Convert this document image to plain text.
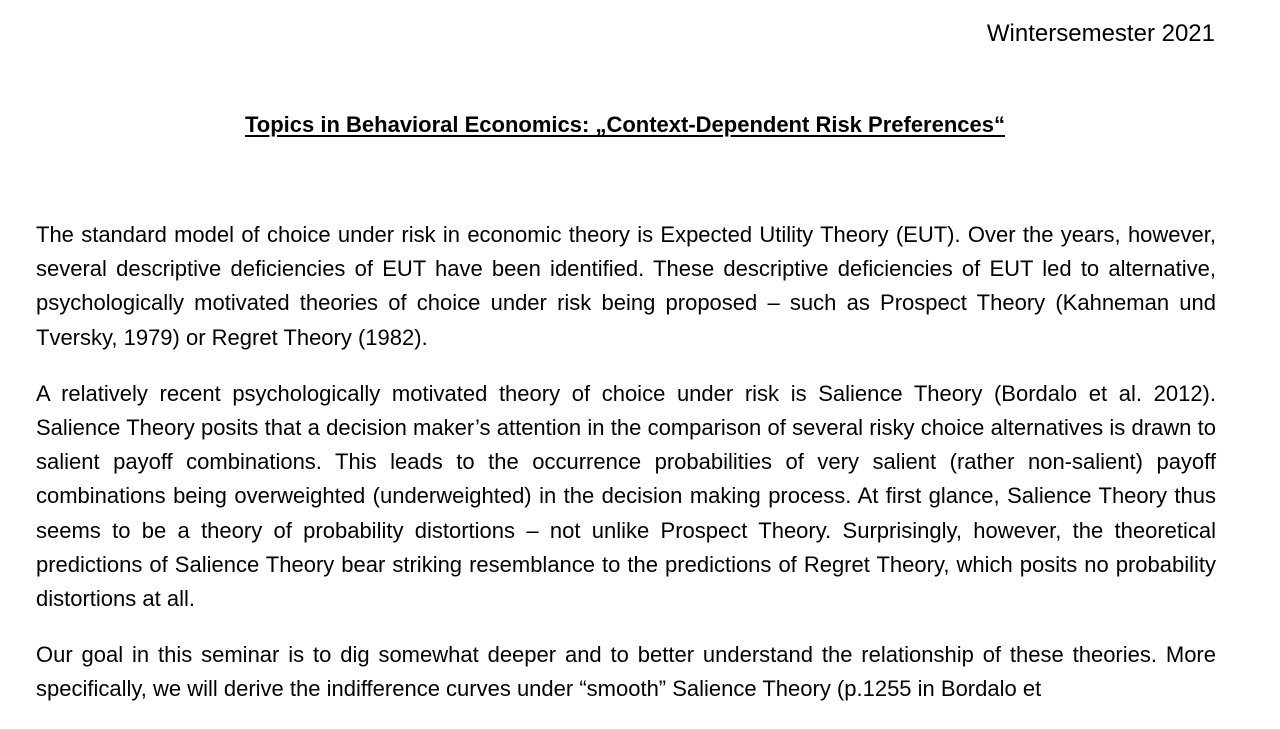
Wintersemester 2021
Topics in Behavioral Economics: „Context-Dependent Risk Preferences“

The standard model of choice under risk in economic theory is Expected Utility Theory (EUT). Over the years, however, several descriptive deficiencies of EUT have been identified. These descriptive deficiencies of EUT led to alternative, psychologically motivated theories of choice under risk being proposed – such as Prospect Theory (Kahneman und Tversky, 1979) or Regret Theory (1982).

A relatively recent psychologically motivated theory of choice under risk is Salience Theory (Bordalo et al. 2012). Salience Theory posits that a decision maker’s attention in the comparison of several risky choice alternatives is drawn to salient payoff combinations. This leads to the occurrence probabilities of very salient (rather non-salient) payoff combinations being overweighted (underweighted) in the decision making process. At first glance, Salience Theory thus seems to be a theory of probability distortions – not unlike Prospect Theory. Surprisingly, however, the theoretical predictions of Salience Theory bear striking resemblance to the predictions of Regret Theory, which posits no probability distortions at all.

Our goal in this seminar is to dig somewhat deeper and to better understand the relationship of these theories. More specifically, we will derive the indifference curves under “smooth” Salience Theory (p.1255 in Bordalo et
